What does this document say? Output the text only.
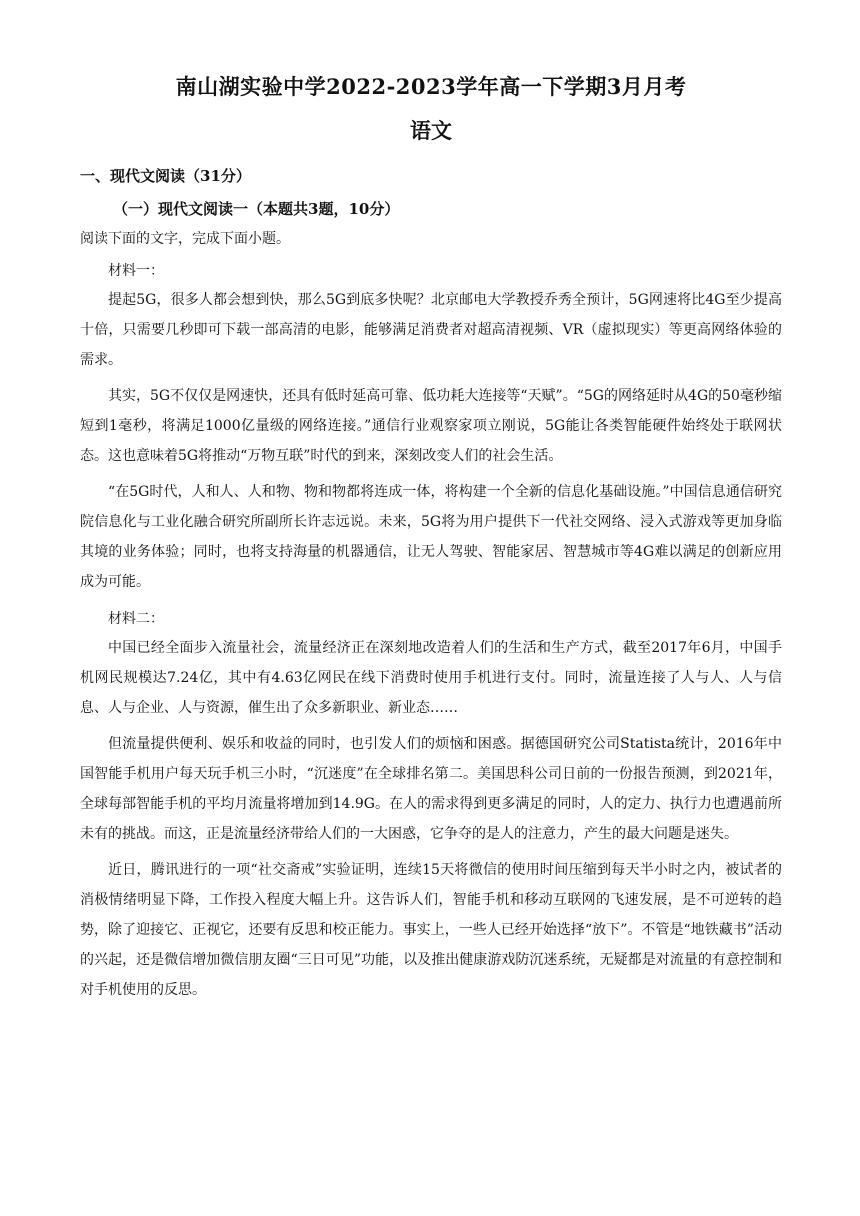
南山湖实验中学2022-2023学年高一下学期3月月考
语文
一、现代文阅读（31分）
（一）现代文阅读一（本题共3题，10分）
阅读下面的文字，完成下面小题。
材料一：

提起5G，很多人都会想到快，那么5G到底多快呢？北京邮电大学教授乔秀全预计，5G网速将比4G至少提高十倍，只需要几秒即可下载一部高清的电影，能够满足消费者对超高清视频、VR（虚拟现实）等更高网络体验的需求。

其实，5G不仅仅是网速快，还具有低时延高可靠、低功耗大连接等“天赋”。“5G的网络延时从4G的50毫秒缩短到1毫秒，将满足1000亿量级的网络连接。”通信行业观察家项立刚说，5G能让各类智能硬件始终处于联网状态。这也意味着5G将推动“万物互联”时代的到来，深刻改变人们的社会生活。

“在5G时代，人和人、人和物、物和物都将连成一体，将构建一个全新的信息化基础设施。”中国信息通信研究院信息化与工业化融合研究所副所长许志远说。未来，5G将为用户提供下一代社交网络、浸入式游戏等更加身临其境的业务体验；同时，也将支持海量的机器通信，让无人驾驶、智能家居、智慧城市等4G难以满足的创新应用成为可能。

材料二：

中国已经全面步入流量社会，流量经济正在深刻地改造着人们的生活和生产方式，截至2017年6月，中国手机网民规模达7.24亿，其中有4.63亿网民在线下消费时使用手机进行支付。同时，流量连接了人与人、人与信息、人与企业、人与资源，催生出了众多新职业、新业态……

但流量提供便利、娱乐和收益的同时，也引发人们的烦恼和困惑。据德国研究公司Statista统计，2016年中国智能手机用户每天玩手机三小时，“沉迷度”在全球排名第二。美国思科公司日前的一份报告预测，到2021年，全球每部智能手机的平均月流量将增加到14.9G。在人的需求得到更多满足的同时，人的定力、执行力也遭遇前所未有的挑战。而这，正是流量经济带给人们的一大困惑，它争夺的是人的注意力，产生的最大问题是迷失。

近日，腾讯进行的一项“社交斋戒”实验证明，连续15天将微信的使用时间压缩到每天半小时之内，被试者的消极情绪明显下降，工作投入程度大幅上升。这告诉人们，智能手机和移动互联网的飞速发展，是不可逆转的趋势，除了迎接它、正视它，还要有反思和校正能力。事实上，一些人已经开始选择“放下”。不管是“地铁藏书”活动的兴起，还是微信增加微信朋友圈“三日可见”功能，以及推出健康游戏防沉迷系统，无疑都是对流量的有意控制和对手机使用的反思。
